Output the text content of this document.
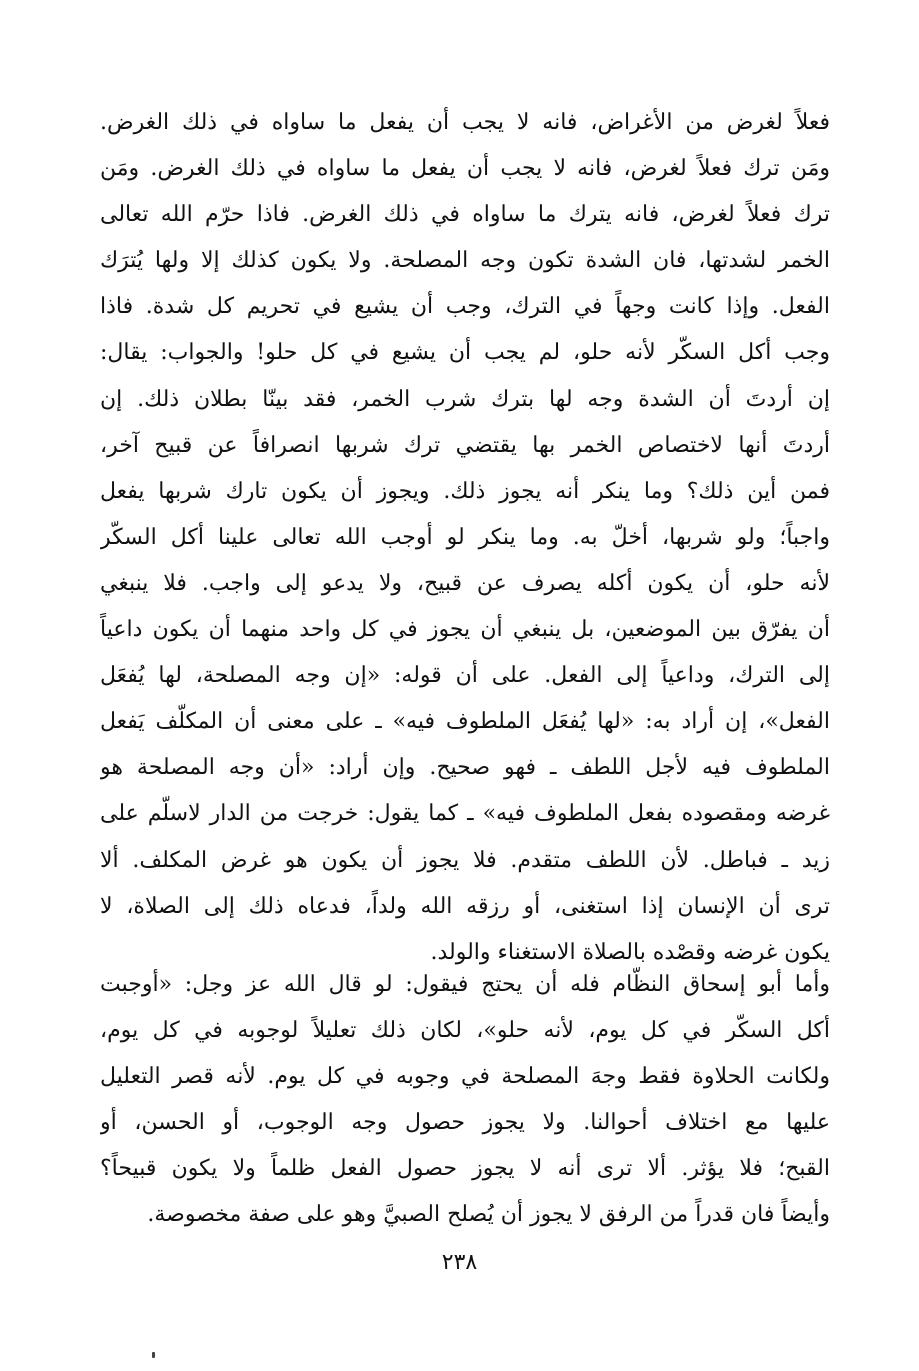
فعلاً لغرض من الأغراض، فانه لا يجب أن يفعل ما ساواه في ذلك الغرض.
ومَن ترك فعلاً لغرض، فانه لا يجب أن يفعل ما ساواه في ذلك الغرض. ومَن
ترك فعلاً لغرض، فانه يترك ما ساواه في ذلك الغرض. فاذا حرّم الله تعالى
الخمر لشدتها، فان الشدة تكون وجه المصلحة. ولا يكون كذلك إلا ولها يُترَك
الفعل. وإذا كانت وجهاً في الترك، وجب أن يشيع في تحريم كل شدة. فاذا
وجب أكل السكّر لأنه حلو، لم يجب أن يشيع في كل حلو! والجواب: يقال:
إن أردتَ أن الشدة وجه لها بترك شرب الخمر، فقد بينّا بطلان ذلك. إن
أردتَ أنها لاختصاص الخمر بها يقتضي ترك شربها انصرافاً عن قبيح آخر،
فمن أين ذلك؟ وما ينكر أنه يجوز ذلك. ويجوز أن يكون تارك شربها يفعل
واجباً؛ ولو شربها، أخلّ به. وما ينكر لو أوجب الله تعالى علينا أكل السكّر
لأنه حلو، أن يكون أكله يصرف عن قبيح، ولا يدعو إلى واجب. فلا ينبغي
أن يفرّق بين الموضعين، بل ينبغي أن يجوز في كل واحد منهما أن يكون داعياً
إلى الترك، وداعياً إلى الفعل. على أن قوله: «إن وجه المصلحة، لها يُفعَل
الفعل»، إن أراد به: «لها يُفعَل الملطوف فيه» ـ على معنى أن المكلّف يَفعل
الملطوف فيه لأجل اللطف ـ فهو صحيح. وإن أراد: «أن وجه المصلحة هو
غرضه ومقصوده بفعل الملطوف فيه» ـ كما يقول: خرجت من الدار لاسلّم على
زيد ـ فباطل. لأن اللطف متقدم. فلا يجوز أن يكون هو غرض المكلف. ألا
ترى أن الإنسان إذا استغنى، أو رزقه الله ولداً، فدعاه ذلك إلى الصلاة، لا
يكون غرضه وقصْده بالصلاة الاستغناء والولد.
وأما أبو إسحاق النظّام فله أن يحتج فيقول: لو قال الله عز وجل: «أوجبت
أكل السكّر في كل يوم، لأنه حلو»، لكان ذلك تعليلاً لوجوبه في كل يوم،
ولكانت الحلاوة فقط وجهَ المصلحة في وجوبه في كل يوم. لأنه قصر التعليل
عليها مع اختلاف أحوالنا. ولا يجوز حصول وجه الوجوب، أو الحسن، أو
القبح؛ فلا يؤثر. ألا ترى أنه لا يجوز حصول الفعل ظلماً ولا يكون قبيحاً؟
وأيضاً فان قدراً من الرفق لا يجوز أن يُصلح الصبيَّ وهو على صفة مخصوصة.
٢٣٨
